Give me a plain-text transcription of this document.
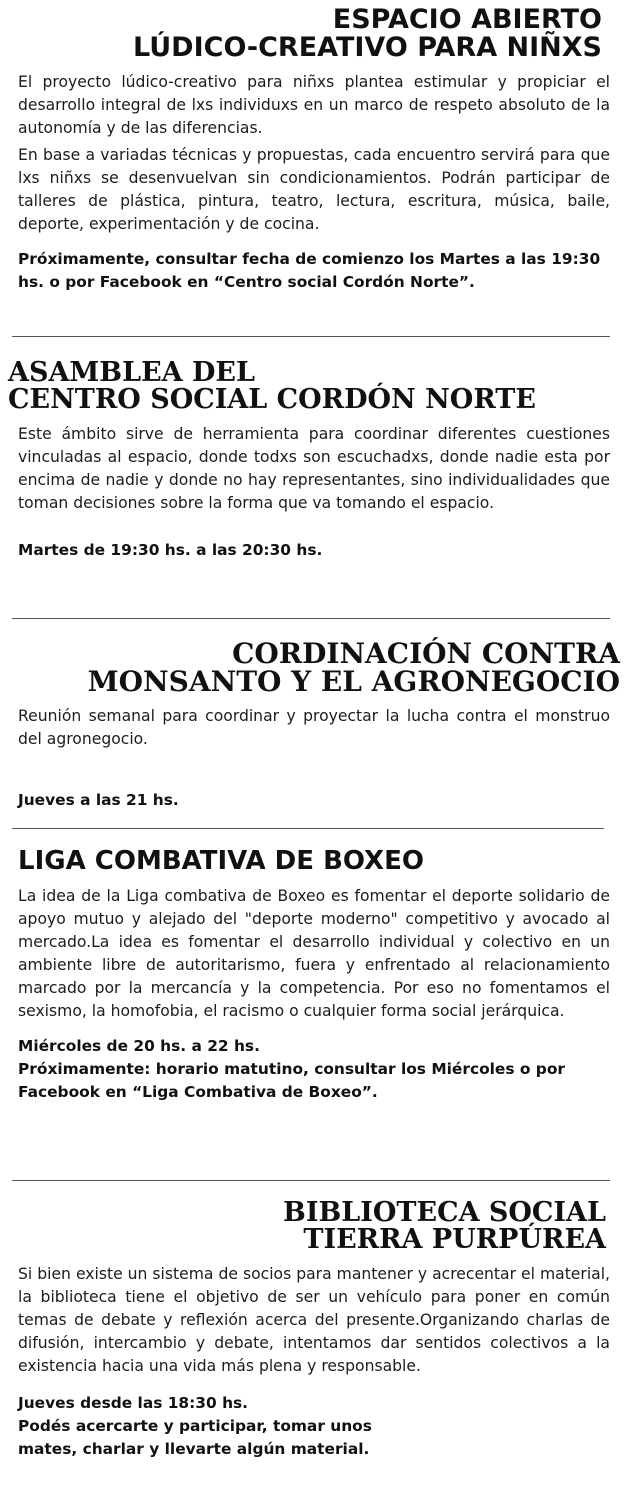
ESPACIO ABIERTO
LÚDICO-CREATIVO PARA NIÑXS

El proyecto lúdico-creativo para niñxs plantea estimular y propiciar el desarrollo integral de lxs individuxs en un marco de respeto absoluto de la autonomía y de las diferencias.

En base a variadas técnicas y propuestas, cada encuentro servirá para que lxs niñxs se desenvuelvan sin condicionamientos. Podrán participar de talleres de plástica, pintura, teatro, lectura, escritura, música, baile, deporte, experimentación y de cocina.

Próximamente, consultar fecha de comienzo los Martes a las 19:30 hs. o por Facebook en “Centro social Cordón Norte”.

ASAMBLEA DEL
CENTRO SOCIAL CORDÓN NORTE

Este ámbito sirve de herramienta para coordinar diferentes cuestiones vinculadas al espacio, donde todxs son escuchadxs, donde nadie esta por encima de nadie y donde no hay representantes, sino individualidades que toman decisiones sobre la forma que va tomando el espacio.

Martes de 19:30 hs. a las 20:30 hs.

CORDINACIÓN CONTRA
MONSANTO Y EL AGRONEGOCIO

Reunión semanal para coordinar y proyectar la lucha contra el monstruo del agronegocio.

Jueves a las 21 hs.

LIGA COMBATIVA DE BOXEO

La idea de la Liga combativa de Boxeo es fomentar el deporte solidario de apoyo mutuo y alejado del "deporte moderno" competitivo y avocado al mercado.La idea es fomentar el desarrollo individual y colectivo en un ambiente libre de autoritarismo, fuera y enfrentado al relacionamiento marcado por la mercancía y la competencia. Por eso no fomentamos el sexismo, la homofobia, el racismo o cualquier forma social jerárquica.

Miércoles de 20 hs. a 22 hs.

Próximamente: horario matutino, consultar los Miércoles o por Facebook en “Liga Combativa de Boxeo”.

BIBLIOTECA SOCIAL
TIERRA PURPÚREA

Si bien existe un sistema de socios para mantener y acrecentar el material, la biblioteca tiene el objetivo de ser un vehículo para poner en común temas de debate y reflexión acerca del presente.Organizando charlas de difusión, intercambio y debate, intentamos dar sentidos colectivos a la existencia hacia una vida más plena y responsable.

Jueves desde las 18:30 hs.

Podés acercarte y participar, tomar unos mates, charlar y llevarte algún material.
